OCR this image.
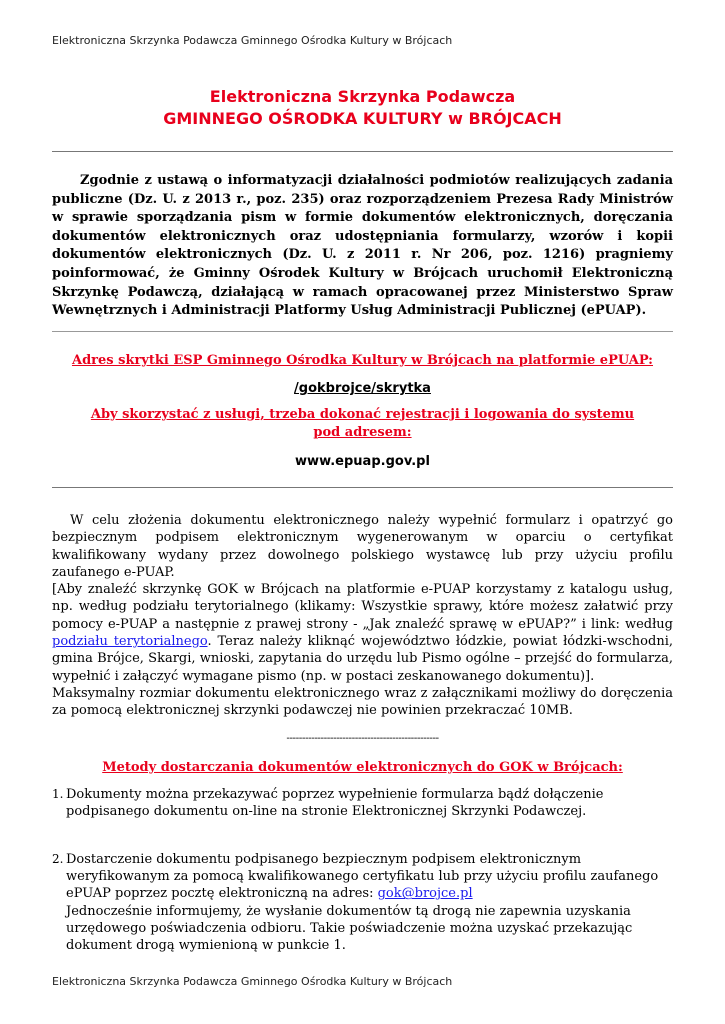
Elektroniczna Skrzynka Podawcza Gminnego Ośrodka Kultury w Brójcach
Elektroniczna Skrzynka Podawcza
GMINNEGO OŚRODKA KULTURY w BRÓJCACH

Zgodnie z ustawą o informatyzacji działalności podmiotów realizujących zadania publiczne (Dz. U. z 2013 r., poz. 235) oraz rozporządzeniem Prezesa Rady Ministrów w sprawie sporządzania pism w formie dokumentów elektronicznych, doręczania dokumentów elektronicznych oraz udostępniania formularzy, wzorów i kopii dokumentów elektronicznych (Dz. U. z 2011 r. Nr 206, poz. 1216) pragniemy poinformować, że Gminny Ośrodek Kultury w Brójcach uruchomił Elektroniczną Skrzynkę Podawczą, działającą w ramach opracowanej przez Ministerstwo Spraw Wewnętrznych i Administracji Platformy Usług Administracji Publicznej (ePUAP).

Adres skrytki ESP Gminnego Ośrodka Kultury w Brójcach na platformie ePUAP:
/gokbrojce/skrytka
Aby skorzystać z usługi, trzeba dokonać rejestracji i logowania do systemu
pod adresem:
www.epuap.gov.pl

W celu złożenia dokumentu elektronicznego należy wypełnić formularz i opatrzyć go bezpiecznym podpisem elektronicznym wygenerowanym w oparciu o certyfikat kwalifikowany wydany przez dowolnego polskiego wystawcę lub przy użyciu profilu zaufanego e-PUAP.

[Aby znaleźć skrzynkę GOK w Brójcach na platformie e-PUAP korzystamy z katalogu usług, np. według podziału terytorialnego (klikamy: Wszystkie sprawy, które możesz załatwić przy pomocy e-PUAP a następnie z prawej strony - „Jak znaleźć sprawę w ePUAP?” i link: według podziału terytorialnego. Teraz należy kliknąć województwo łódzkie, powiat łódzki-wschodni, gmina Brójce, Skargi, wnioski, zapytania do urzędu lub Pismo ogólne – przejść do formularza, wypełnić i załączyć wymagane pismo (np. w postaci zeskanowanego dokumentu)].

Maksymalny rozmiar dokumentu elektronicznego wraz z załącznikami możliwy do doręczenia za pomocą elektronicznej skrzynki podawczej nie powinien przekraczać 10MB.

-------------------------------------------------
Metody dostarczania dokumentów elektronicznych do GOK w Brójcach:
1. Dokumenty można przekazywać poprzez wypełnienie formularza bądź dołączenie podpisanego dokumentu on-line na stronie Elektronicznej Skrzynki Podawczej.

2. Dostarczenie dokumentu podpisanego bezpiecznym podpisem elektronicznym weryfikowanym za pomocą kwalifikowanego certyfikatu lub przy użyciu profilu zaufanego ePUAP poprzez pocztę elektroniczną na adres: gok@brojce.pl

Jednocześnie informujemy, że wysłanie dokumentów tą drogą nie zapewnia uzyskania urzędowego poświadczenia odbioru. Takie poświadczenie można uzyskać przekazując dokument drogą wymienioną w punkcie 1.

Elektroniczna Skrzynka Podawcza Gminnego Ośrodka Kultury w Brójcach
